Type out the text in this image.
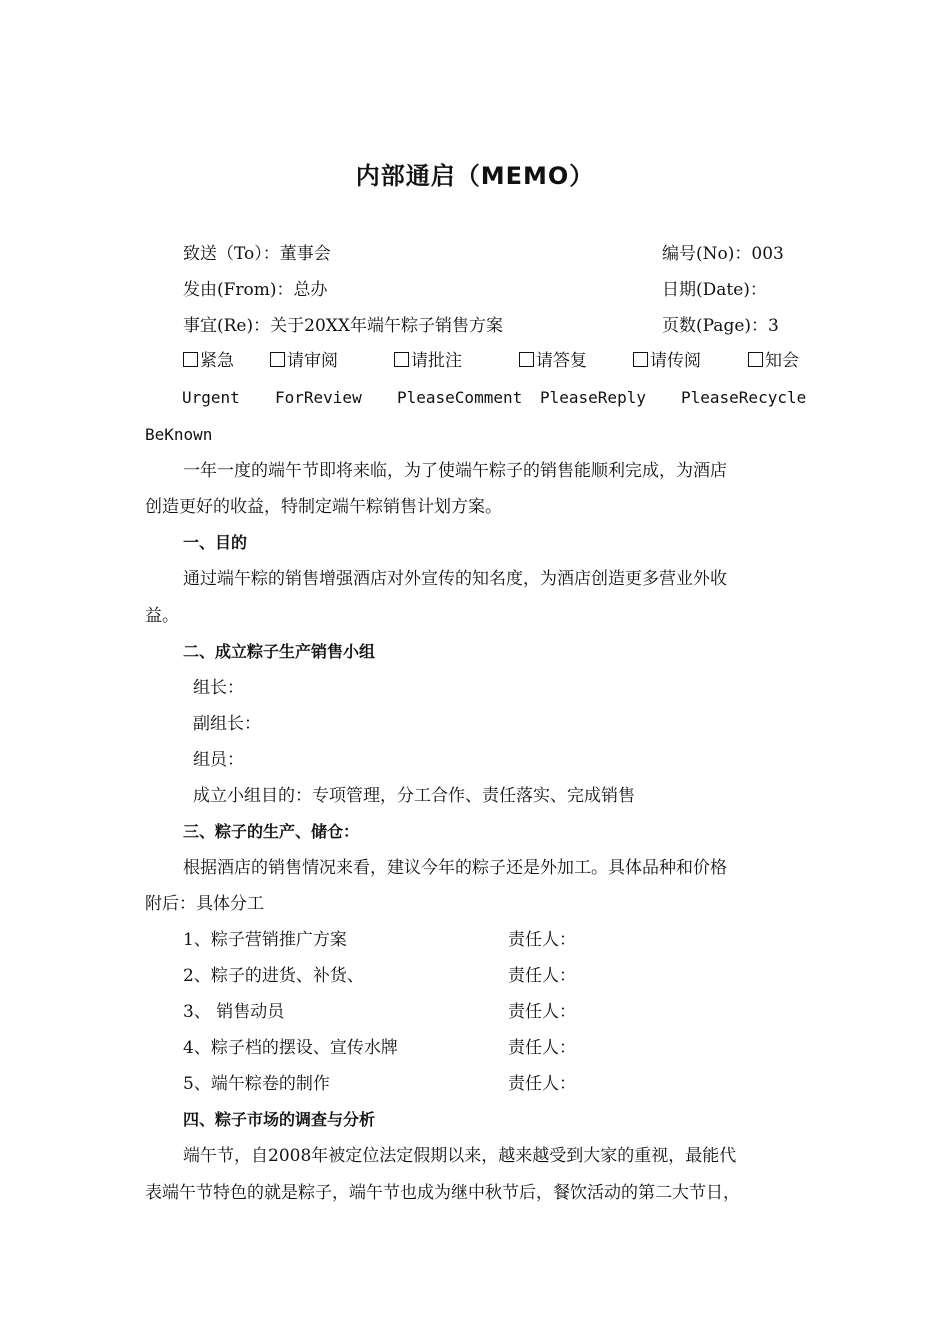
内部通启（MEMO）
致送（To）：董事会	编号(No)：003
发由(From)：总办	日期(Date)：
事宜(Re)：关于20XX年端午粽子销售方案	页数(Page)：3
紧急	请审阅	请批注	请答复	请传阅	知会
Urgent ForReview PleaseComment PleaseReply PleaseRecycle
BeKnown
一年一度的端午节即将来临，为了使端午粽子的销售能顺利完成，为酒店
创造更好的收益，特制定端午粽销售计划方案。
一、目的
通过端午粽的销售增强酒店对外宣传的知名度，为酒店创造更多营业外收
益。
二、成立粽子生产销售小组
组长：
副组长：
组员：
成立小组目的：专项管理，分工合作、责任落实、完成销售
三、粽子的生产、储仓：
根据酒店的销售情况来看，建议今年的粽子还是外加工。具体品种和价格
附后：具体分工
1、粽子营销推广方案	责任人：
2、粽子的进货、补货、	责任人：
3、 销售动员	责任人：
4、粽子档的摆设、宣传水牌	责任人：
5、端午粽卷的制作	责任人：
四、粽子市场的调查与分析
端午节，自2008年被定位法定假期以来，越来越受到大家的重视，最能代
表端午节特色的就是粽子，端午节也成为继中秋节后，餐饮活动的第二大节日，
